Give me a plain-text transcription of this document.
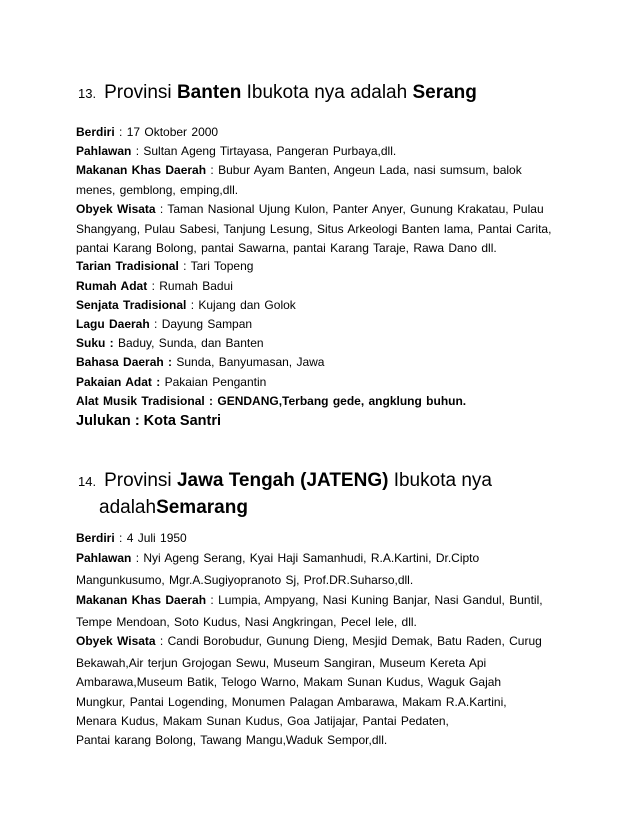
13. Provinsi Banten Ibukota nya adalah Serang
Berdiri : 17 Oktober 2000
Pahlawan : Sultan Ageng Tirtayasa, Pangeran Purbaya,dll.
Makanan Khas Daerah : Bubur Ayam Banten, Angeun Lada, nasi sumsum, balok
menes, gemblong, emping,dll.
Obyek Wisata : Taman Nasional Ujung Kulon, Panter Anyer, Gunung Krakatau, Pulau
Shangyang, Pulau Sabesi, Tanjung Lesung, Situs Arkeologi Banten lama, Pantai Carita,
pantai Karang Bolong, pantai Sawarna, pantai Karang Taraje, Rawa Dano dll.
Tarian Tradisional : Tari Topeng
Rumah Adat : Rumah Badui
Senjata Tradisional : Kujang dan Golok
Lagu Daerah : Dayung Sampan
Suku : Baduy, Sunda, dan Banten
Bahasa Daerah : Sunda, Banyumasan, Jawa
Pakaian Adat : Pakaian Pengantin
Alat Musik Tradisional : GENDANG,Terbang gede, angklung buhun.
Julukan : Kota Santri
14. Provinsi Jawa Tengah (JATENG) Ibukota nya
adalahSemarang
Berdiri : 4 Juli 1950
Pahlawan : Nyi Ageng Serang, Kyai Haji Samanhudi, R.A.Kartini, Dr.Cipto
Mangunkusumo, Mgr.A.Sugiyopranoto Sj, Prof.DR.Suharso,dll.
Makanan Khas Daerah : Lumpia, Ampyang, Nasi Kuning Banjar, Nasi Gandul, Buntil,
Tempe Mendoan, Soto Kudus, Nasi Angkringan, Pecel lele, dll.
Obyek Wisata : Candi Borobudur, Gunung Dieng, Mesjid Demak, Batu Raden, Curug
Bekawah,Air terjun Grojogan Sewu, Museum Sangiran, Museum Kereta Api
Ambarawa,Museum Batik, Telogo Warno, Makam Sunan Kudus, Waguk Gajah
Mungkur, Pantai Logending, Monumen Palagan Ambarawa, Makam R.A.Kartini,
Menara Kudus, Makam Sunan Kudus, Goa Jatijajar, Pantai Pedaten,
Pantai karang Bolong, Tawang Mangu,Waduk Sempor,dll.
